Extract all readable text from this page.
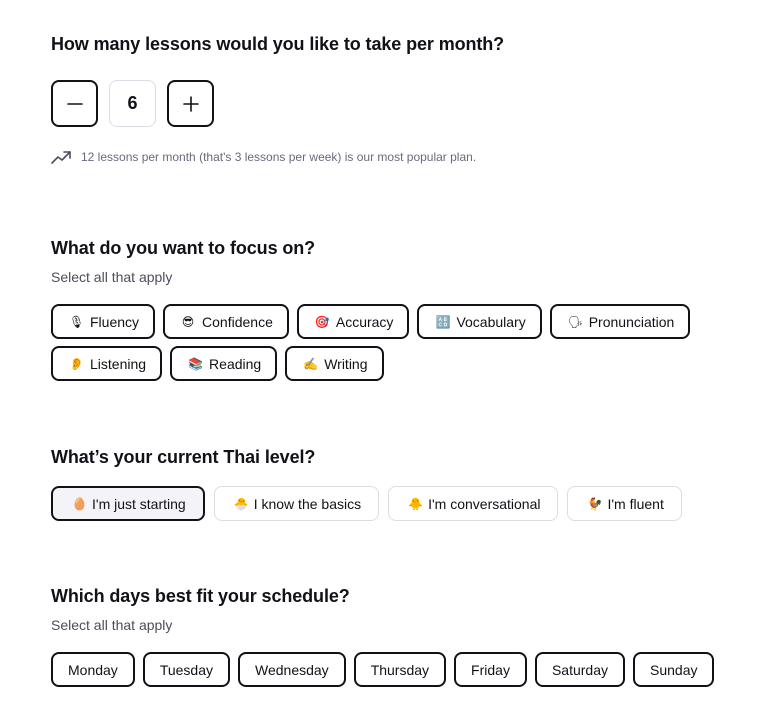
How many lessons would you like to take per month?
6
12 lessons per month (that's 3 lessons per week) is our most popular plan.
What do you want to focus on?
Select all that apply
🎙 Fluency	😎 Confidence	🎯 Accuracy	🔠 Vocabulary	🗣 Pronunciation
👂 Listening	📚 Reading	✍️ Writing
What’s your current Thai level?
🥚 I'm just starting	🐣 I know the basics	🐥 I'm conversational	🐓 I'm fluent
Which days best fit your schedule?
Select all that apply
Monday	Tuesday	Wednesday	Thursday	Friday	Saturday	Sunday
